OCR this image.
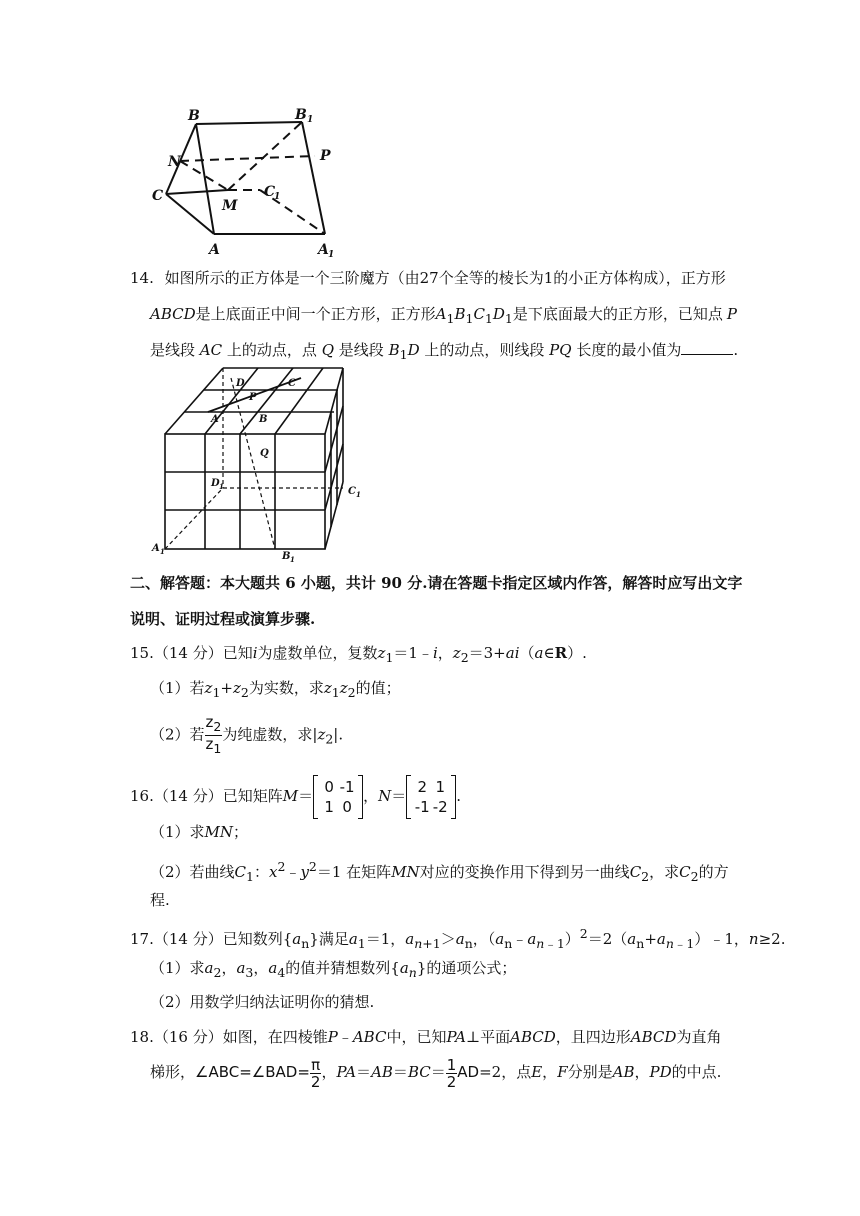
B	B 1
N	P
C	C
1
M
A	A 1
14. 如图所示的正方体是一个三阶魔方（由27个全等的棱长为1的小正方体构成），正方形
ABCD是上底面正中间一个正方形，正方形$A_1B_1C_1D_1$是下底面最大的正方形，已知点 P
是线段 AC 上的动点，点 Q 是线段 $B_1D$ 上的动点，则线段 PQ 长度的最小值为	.
D	C
P
A	B
Q
D 1	C 1
A 1	B 1
二、解答题：本大题共 6 小题，共计 90 分.请在答题卡指定区域内作答，解答时应写出文字
说明、证明过程或演算步骤.
15.（14 分）已知i为虚数单位，复数$z_1=1﹣i$，$z_2=3+ai(a\in R)$.
（1）若$z_1+z_2$为实数，求$z_1z_2$的值；
（2）若 $\frac{z_2}{z_1}$ 为纯虚数，求$|z_2|$.
16.（14 分）已知矩阵M＝ 0 -1
1 0
，N＝ 2 1
-1 -2
.
（1）求MN；
（2）若曲线$C_1$：$x^2﹣y^2=1$ 在矩阵MN对应的变换作用下得到另一曲线$C_2$，求$C_2$的方
程.
17.（14 分）已知数列$\{a_n\}$满足$a_1=1$，$a_{n+1}>a_n$，$(a_n﹣a_{n﹣1})^2=2(a_n+a_{n﹣1})﹣1$，n≥2.
（1）求$a_2$，$a_3$，$a_4$的值并猜想数列$\{a_n\}$的通项公式；
（2）用数学归纳法证明你的猜想.
18.（16 分）如图，在四棱锥P﹣ABC中，已知PA⊥平面ABCD，且四边形ABCD为直角
梯形，∠ABC=∠BAD= $\frac{\pi}{2}$ ，$PA=AB=BC= \frac{1}{2} AD=2$，点E，F分别是AB，PD的中点.
